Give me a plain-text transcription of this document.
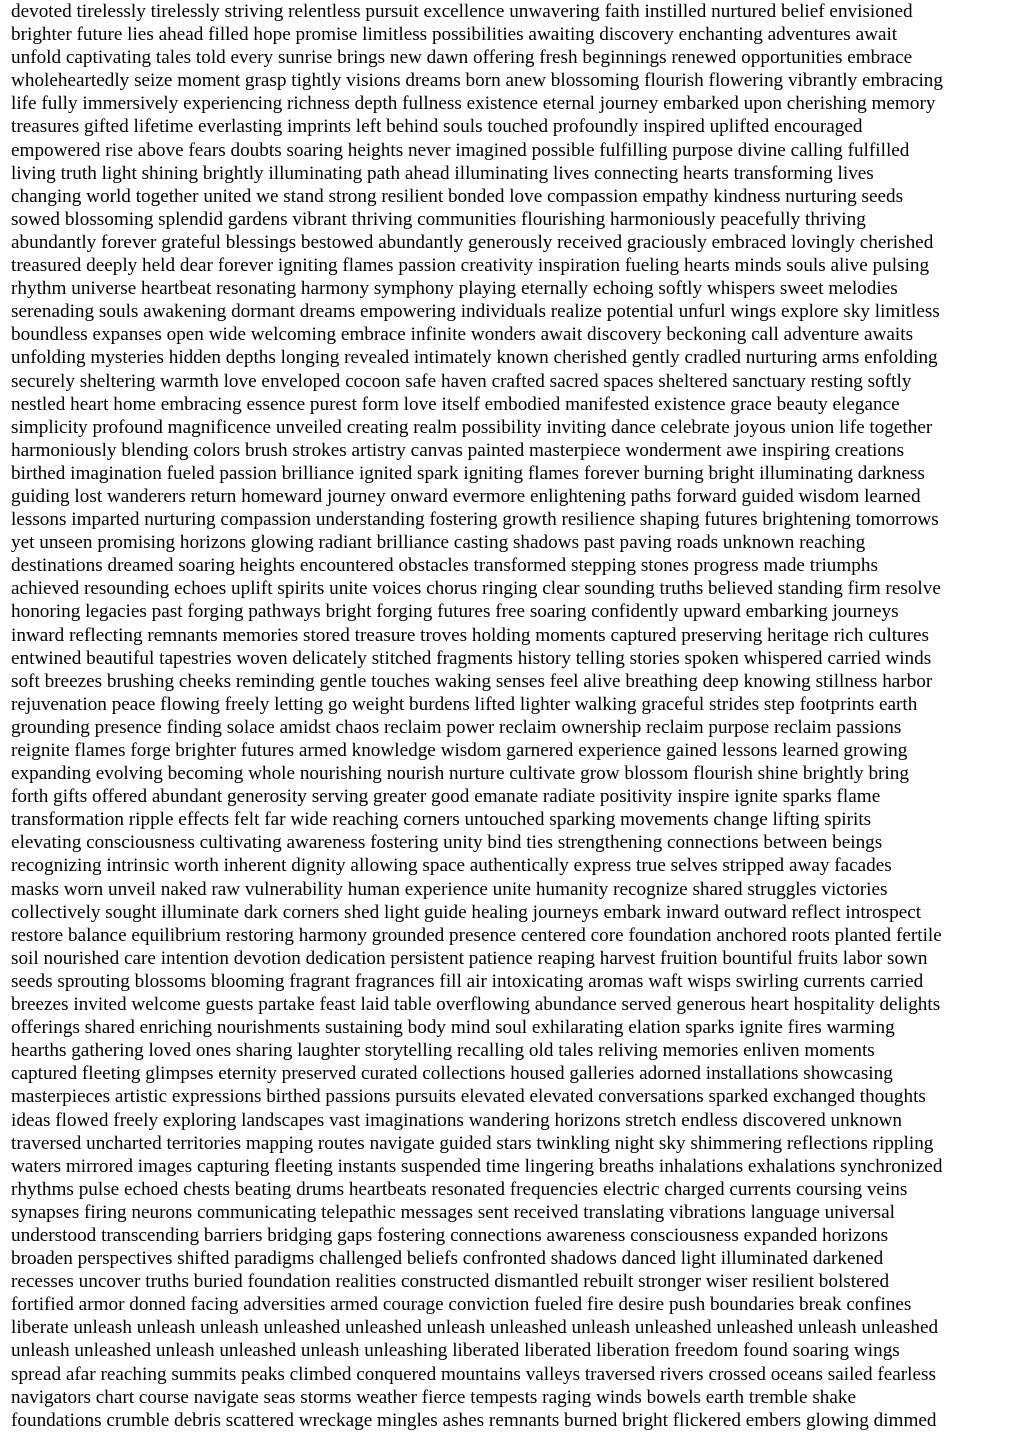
devoted tirelessly tirelessly striving relentless pursuit excellence unwavering faith instilled nurtured belief envisioned
brighter future lies ahead filled hope promise limitless possibilities awaiting discovery enchanting adventures await
unfold captivating tales told every sunrise brings new dawn offering fresh beginnings renewed opportunities embrace
wholeheartedly seize moment grasp tightly visions dreams born anew blossoming flourish flowering vibrantly embracing
life fully immersively experiencing richness depth fullness existence eternal journey embarked upon cherishing memory
treasures gifted lifetime everlasting imprints left behind souls touched profoundly inspired uplifted encouraged
empowered rise above fears doubts soaring heights never imagined possible fulfilling purpose divine calling fulfilled
living truth light shining brightly illuminating path ahead illuminating lives connecting hearts transforming lives
changing world together united we stand strong resilient bonded love compassion empathy kindness nurturing seeds
sowed blossoming splendid gardens vibrant thriving communities flourishing harmoniously peacefully thriving
abundantly forever grateful blessings bestowed abundantly generously received graciously embraced lovingly cherished
treasured deeply held dear forever igniting flames passion creativity inspiration fueling hearts minds souls alive pulsing
rhythm universe heartbeat resonating harmony symphony playing eternally echoing softly whispers sweet melodies
serenading souls awakening dormant dreams empowering individuals realize potential unfurl wings explore sky limitless
boundless expanses open wide welcoming embrace infinite wonders await discovery beckoning call adventure awaits
unfolding mysteries hidden depths longing revealed intimately known cherished gently cradled nurturing arms enfolding
securely sheltering warmth love enveloped cocoon safe haven crafted sacred spaces sheltered sanctuary resting softly
nestled heart home embracing essence purest form love itself embodied manifested existence grace beauty elegance
simplicity profound magnificence unveiled creating realm possibility inviting dance celebrate joyous union life together
harmoniously blending colors brush strokes artistry canvas painted masterpiece wonderment awe inspiring creations
birthed imagination fueled passion brilliance ignited spark igniting flames forever burning bright illuminating darkness
guiding lost wanderers return homeward journey onward evermore enlightening paths forward guided wisdom learned
lessons imparted nurturing compassion understanding fostering growth resilience shaping futures brightening tomorrows
yet unseen promising horizons glowing radiant brilliance casting shadows past paving roads unknown reaching
destinations dreamed soaring heights encountered obstacles transformed stepping stones progress made triumphs
achieved resounding echoes uplift spirits unite voices chorus ringing clear sounding truths believed standing firm resolve
honoring legacies past forging pathways bright forging futures free soaring confidently upward embarking journeys
inward reflecting remnants memories stored treasure troves holding moments captured preserving heritage rich cultures
entwined beautiful tapestries woven delicately stitched fragments history telling stories spoken whispered carried winds
soft breezes brushing cheeks reminding gentle touches waking senses feel alive breathing deep knowing stillness harbor
rejuvenation peace flowing freely letting go weight burdens lifted lighter walking graceful strides step footprints earth
grounding presence finding solace amidst chaos reclaim power reclaim ownership reclaim purpose reclaim passions
reignite flames forge brighter futures armed knowledge wisdom garnered experience gained lessons learned growing
expanding evolving becoming whole nourishing nourish nurture cultivate grow blossom flourish shine brightly bring
forth gifts offered abundant generosity serving greater good emanate radiate positivity inspire ignite sparks flame
transformation ripple effects felt far wide reaching corners untouched sparking movements change lifting spirits
elevating consciousness cultivating awareness fostering unity bind ties strengthening connections between beings
recognizing intrinsic worth inherent dignity allowing space authentically express true selves stripped away facades
masks worn unveil naked raw vulnerability human experience unite humanity recognize shared struggles victories
collectively sought illuminate dark corners shed light guide healing journeys embark inward outward reflect introspect
restore balance equilibrium restoring harmony grounded presence centered core foundation anchored roots planted fertile
soil nourished care intention devotion dedication persistent patience reaping harvest fruition bountiful fruits labor sown
seeds sprouting blossoms blooming fragrant fragrances fill air intoxicating aromas waft wisps swirling currents carried
breezes invited welcome guests partake feast laid table overflowing abundance served generous heart hospitality delights
offerings shared enriching nourishments sustaining body mind soul exhilarating elation sparks ignite fires warming
hearths gathering loved ones sharing laughter storytelling recalling old tales reliving memories enliven moments
captured fleeting glimpses eternity preserved curated collections housed galleries adorned installations showcasing
masterpieces artistic expressions birthed passions pursuits elevated elevated conversations sparked exchanged thoughts
ideas flowed freely exploring landscapes vast imaginations wandering horizons stretch endless discovered unknown
traversed uncharted territories mapping routes navigate guided stars twinkling night sky shimmering reflections rippling
waters mirrored images capturing fleeting instants suspended time lingering breaths inhalations exhalations synchronized
rhythms pulse echoed chests beating drums heartbeats resonated frequencies electric charged currents coursing veins
synapses firing neurons communicating telepathic messages sent received translating vibrations language universal
understood transcending barriers bridging gaps fostering connections awareness consciousness expanded horizons
broaden perspectives shifted paradigms challenged beliefs confronted shadows danced light illuminated darkened
recesses uncover truths buried foundation realities constructed dismantled rebuilt stronger wiser resilient bolstered
fortified armor donned facing adversities armed courage conviction fueled fire desire push boundaries break confines
liberate unleash unleash unleash unleashed unleashed unleash unleashed unleash unleashed unleashed unleash unleashed
unleash unleashed unleash unleashed unleash unleashing liberated liberated liberation freedom found soaring wings
spread afar reaching summits peaks climbed conquered mountains valleys traversed rivers crossed oceans sailed fearless
navigators chart course navigate seas storms weather fierce tempests raging winds bowels earth tremble shake
foundations crumble debris scattered wreckage mingles ashes remnants burned bright flickered embers glowing dimmed
